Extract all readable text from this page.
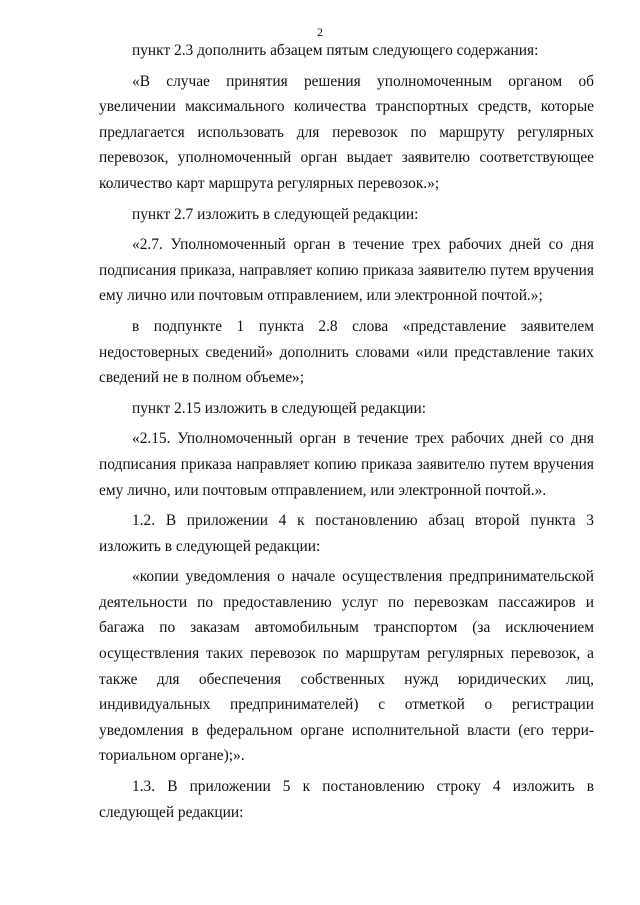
2

пункт 2.3 дополнить абзацем пятым следующего содержания:

«В случае принятия решения уполномоченным органом об увеличении максимального количества транспортных средств, которые предлагается использовать для перевозок по маршруту регулярных перевозок, уполномоченный орган выдает заявителю соответствующее количество карт маршрута регулярных перевозок.»;

пункт 2.7 изложить в следующей редакции:

«2.7. Уполномоченный орган в течение трех рабочих дней со дня подписания приказа, направляет копию приказа заявителю путем вручения ему лично или почтовым отправлением, или электронной почтой.»;

в подпункте 1 пункта 2.8 слова «представление заявителем недостоверных сведений» дополнить словами «или представление таких сведений не в полном объеме»;

пункт 2.15 изложить в следующей редакции:

«2.15. Уполномоченный орган в течение трех рабочих дней со дня подписания приказа направляет копию приказа заявителю путем вручения ему лично, или почтовым отправлением, или электронной почтой.».

1.2. В приложении 4 к постановлению абзац второй пункта 3 изложить в следующей редакции:

«копии уведомления о начале осуществления предпринимательской деятельности по предоставлению услуг по перевозкам пассажиров и багажа по заказам автомобильным транспортом (за исключением осуществления таких перевозок по маршрутам регулярных перевозок, а также для обеспечения собственных нужд юридических лиц, индивидуальных предпринимателей) с отметкой о регистрации уведомления в федеральном органе исполнительной власти (его территориальном органе);».

1.3. В приложении 5 к постановлению строку 4 изложить в следующей редакции:
